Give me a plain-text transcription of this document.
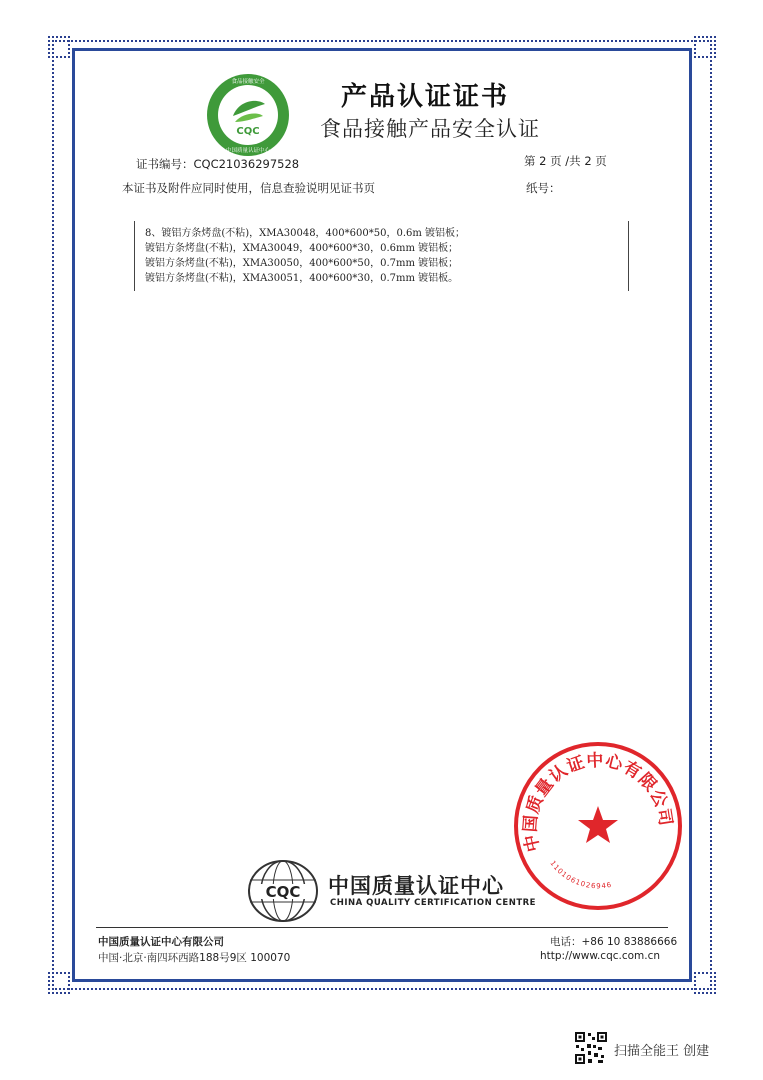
CQC
食品接触安全
中国质量认证中心
产品认证证书
食品接触产品安全认证
证书编号：CQC21036297528	第 2 页 /共 2 页
本证书及附件应同时使用，信息查验说明见证书页	纸号：
8、镀铝方条烤盘(不粘)，XMA30048，400*600*50，0.6m 镀铝板；
镀铝方条烤盘(不粘)，XMA30049，400*600*30，0.6mm 镀铝板；
镀铝方条烤盘(不粘)，XMA30050，400*600*50，0.7mm 镀铝板；
镀铝方条烤盘(不粘)，XMA30051，400*600*30，0.7mm 镀铝板。
中国质量认证中心有限公司
1101061026946
CQC 中国质量认证中心
CHINA QUALITY CERTIFICATION CENTRE
中国质量认证中心有限公司
中国·北京·南四环西路188号9区 100070
电话：+86 10 83886666
http://www.cqc.com.cn
扫描全能王 创建
